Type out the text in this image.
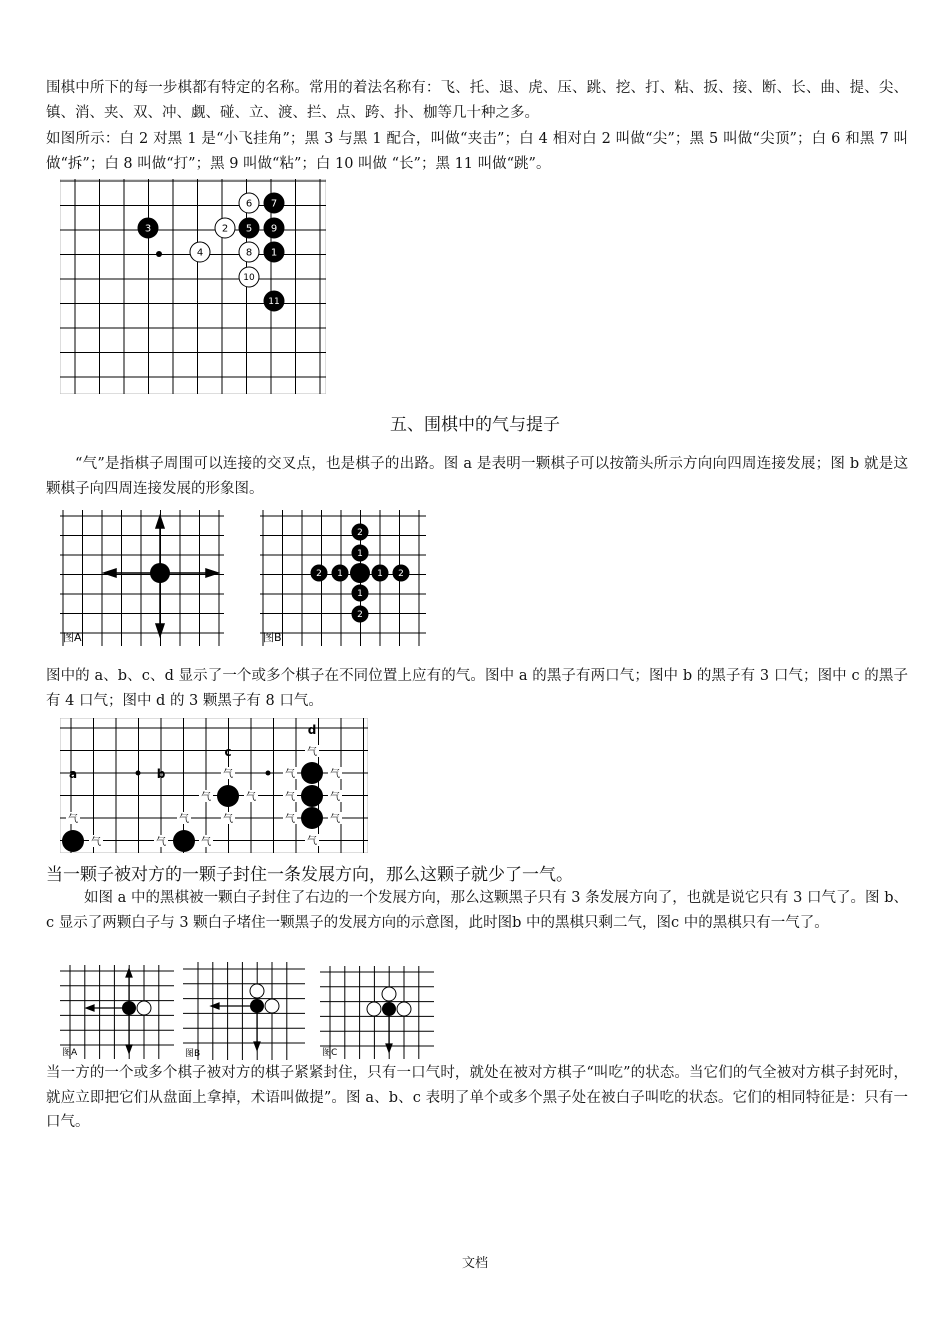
围棋中所下的每一步棋都有特定的名称。常用的着法名称有：飞、托、退、虎、压、跳、挖、打、粘、扳、接、断、长、曲、提、尖、镇、消、夹、双、冲、觑、碰、立、渡、拦、点、跨、扑、枷等几十种之多。

如图所示：白 2 对黑 1 是“小飞挂角”；黑 3 与黑 1 配合，叫做“夹击”；白 4 相对白 2 叫做“尖”；黑 5 叫做“尖顶”；白 6 和黑 7 叫做“拆”；白 8 叫做“打”；黑 9 叫做“粘”；白 10 叫做 “长”；黑 11 叫做“跳”。

1
2
3
4
5
6 7
8
9
10
11
五、围棋中的气与提子

“气”是指棋子周围可以连接的交叉点，也是棋子的出路。图 a 是表明一颗棋子可以按箭头所示方向向四周连接发展；图 b 就是这颗棋子向四周连接发展的形象图。

图A
2
1
2 1	1 2
1
2
图B

图中的 a、b、c、d 显示了一个或多个棋子在不同位置上应有的气。图中 a 的黑子有两口气；图中 b 的黑子有 3 口气；图中 c 的黑子有 4 口气；图中 d 的 3 颗黑子有 8 口气。

a	b
c
d
气
气	气
气
气
气
气	气
气
气
气	气
气	气
气	气
气

当一颗子被对方的一颗子封住一条发展方向，那么这颗子就少了一气。

如图 a 中的黑棋被一颗白子封住了右边的一个发展方向，那么这颗黑子只有 3 条发展方向了，也就是说它只有 3 口气了。图 b、c 显示了两颗白子与 3 颗白子堵住一颗黑子的发展方向的示意图，此时图b 中的黑棋只剩二气，图c 中的黑棋只有一气了。

图A	图B	图C

当一方的一个或多个棋子被对方的棋子紧紧封住，只有一口气时，就处在被对方棋子“叫吃”的状态。当它们的气全被对方棋子封死时，就应立即把它们从盘面上拿掉，术语叫做提”。图 a、b、c 表明了单个或多个黑子处在被白子叫吃的状态。它们的相同特征是：只有一口气。

文档
